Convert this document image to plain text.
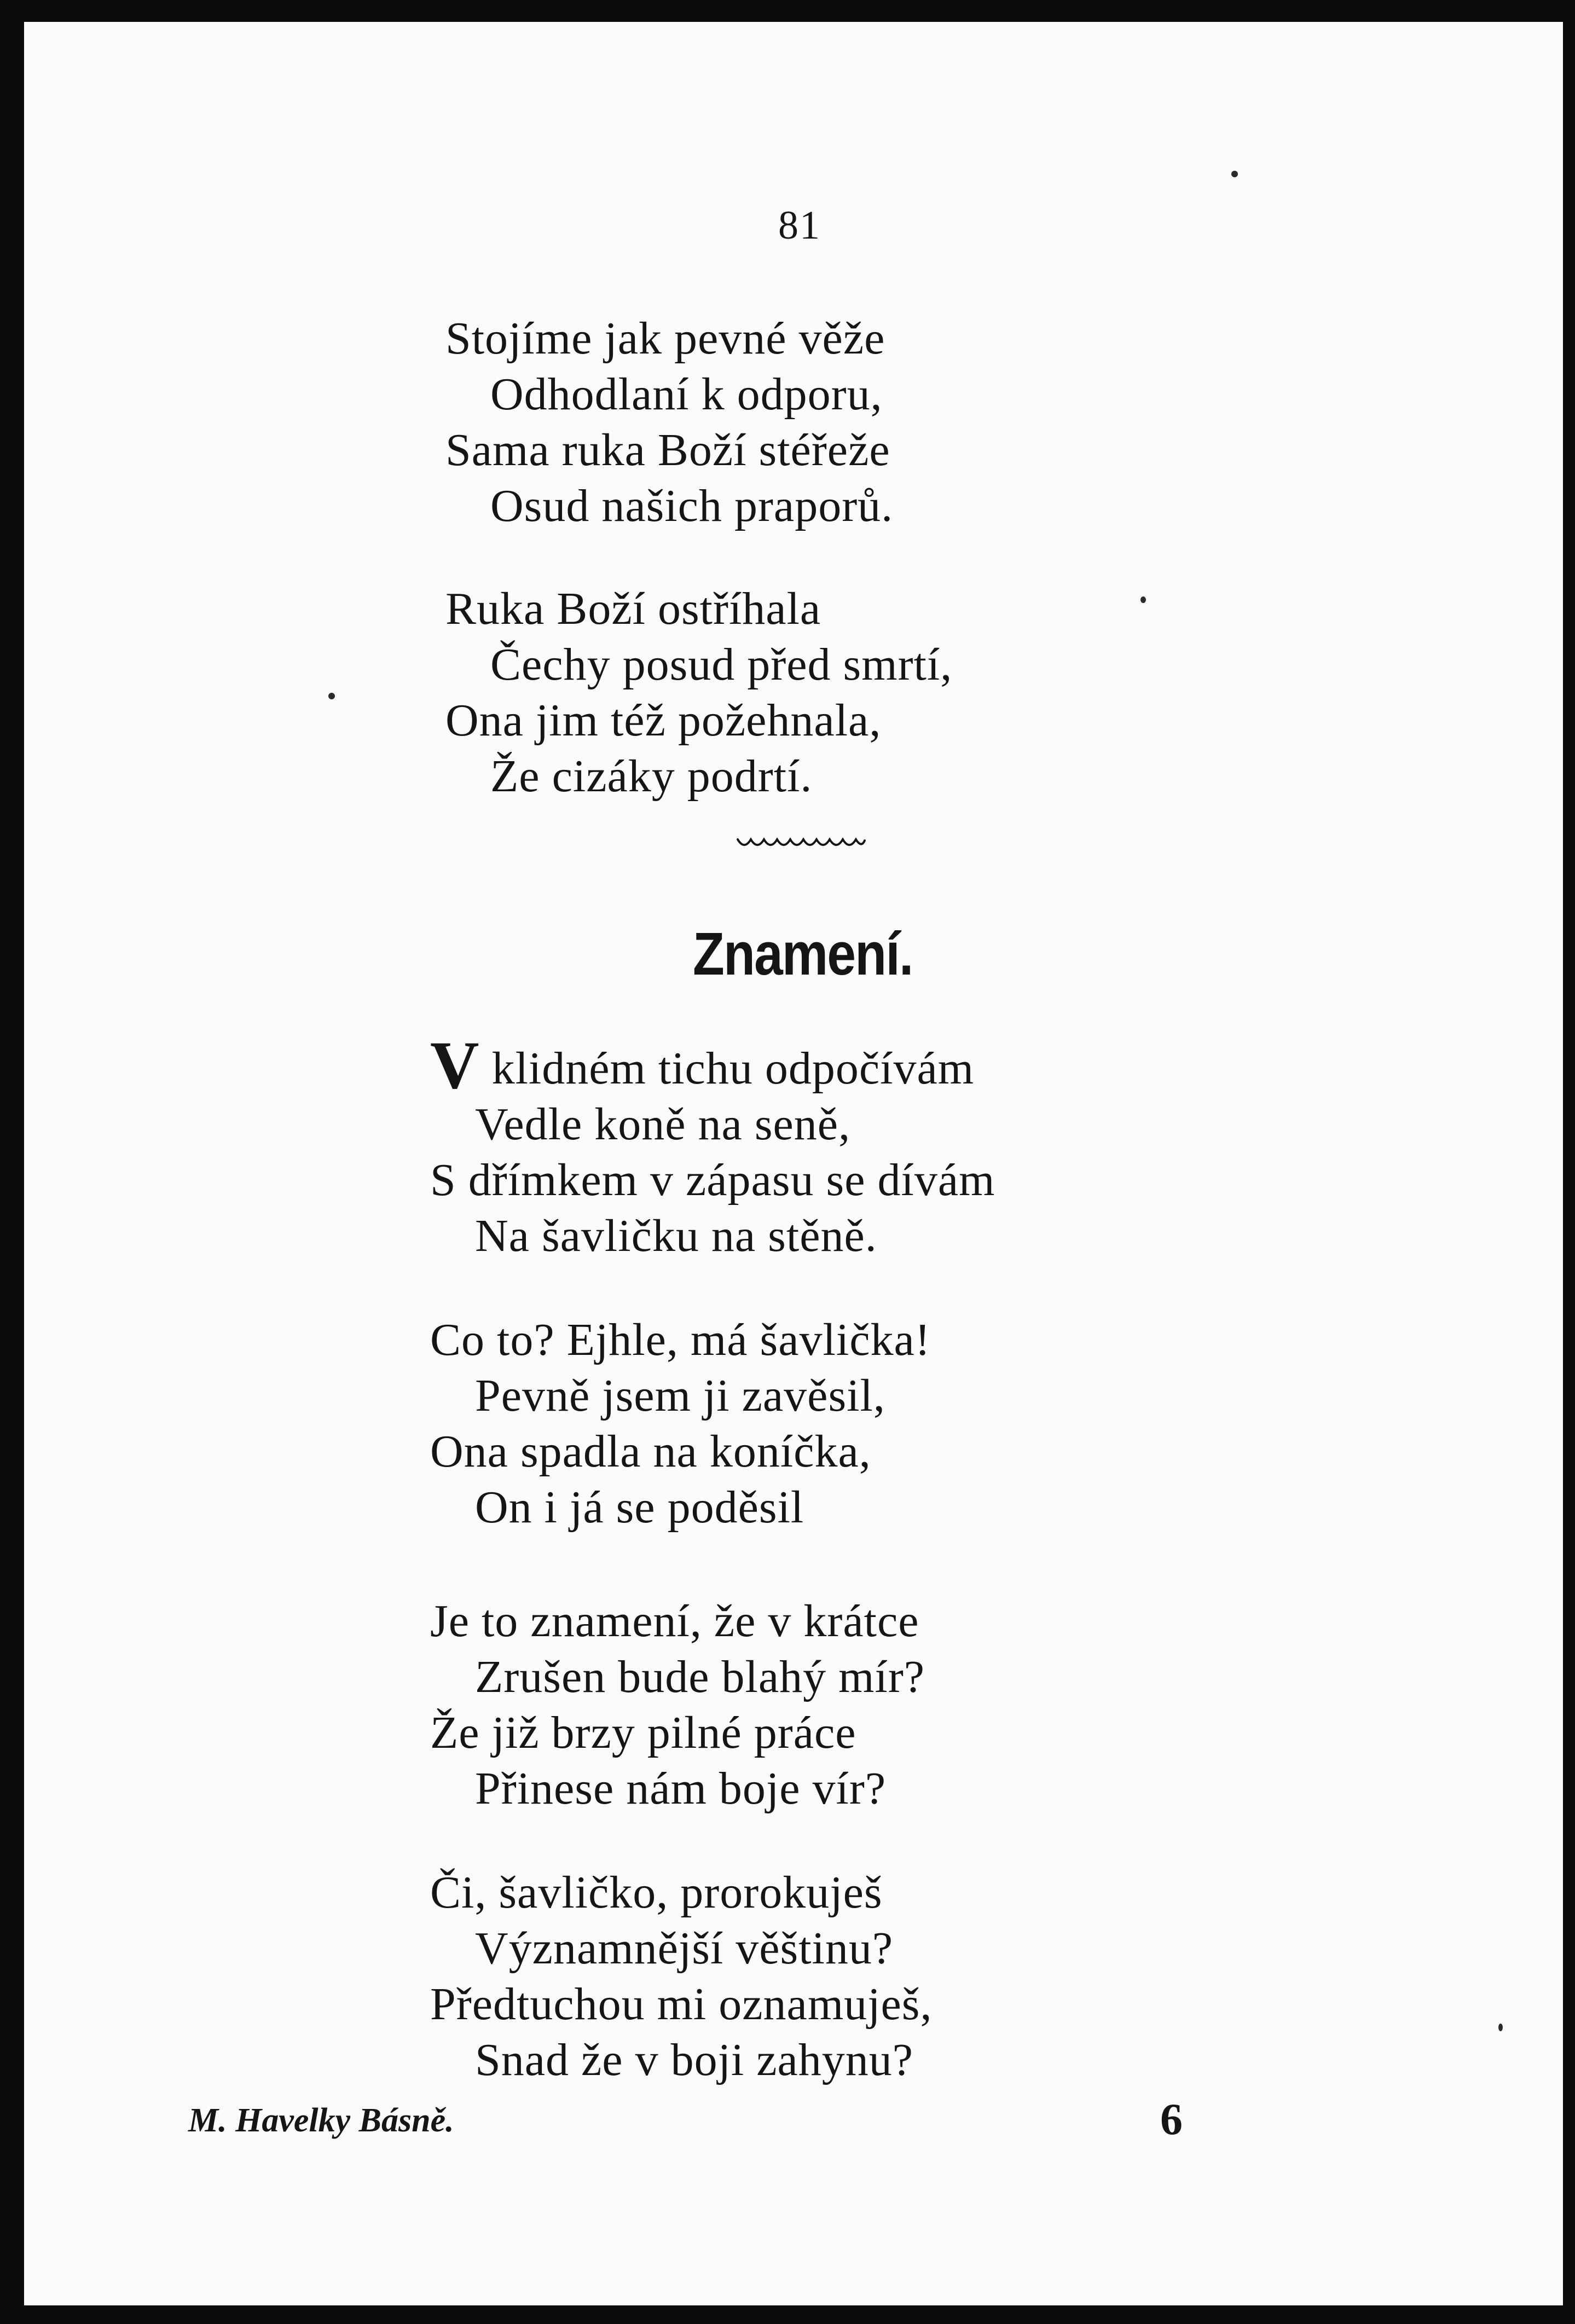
81
Stojíme jak pevné věže
Odhodlaní k odporu,
Sama ruka Boží stéřeže
Osud našich praporů.
Ruka Boží ostříhala
Čechy posud před smrtí,
Ona jim též požehnala,
Že cizáky podrtí.
Znamení.
V klidném tichu odpočívám
Vedle koně na seně,
S dřímkem v zápasu se dívám
Na šavličku na stěně.
Co to? Ejhle, má šavlička!
Pevně jsem ji zavěsil,
Ona spadla na koníčka,
On i já se poděsil
Je to znamení, že v krátce
Zrušen bude blahý mír?
Že již brzy pilné práce
Přinese nám boje vír?
Či, šavličko, prorokuješ
Významnější věštinu?
Předtuchou mi oznamuješ,
Snad že v boji zahynu?
M. Havelky Básně.	6
